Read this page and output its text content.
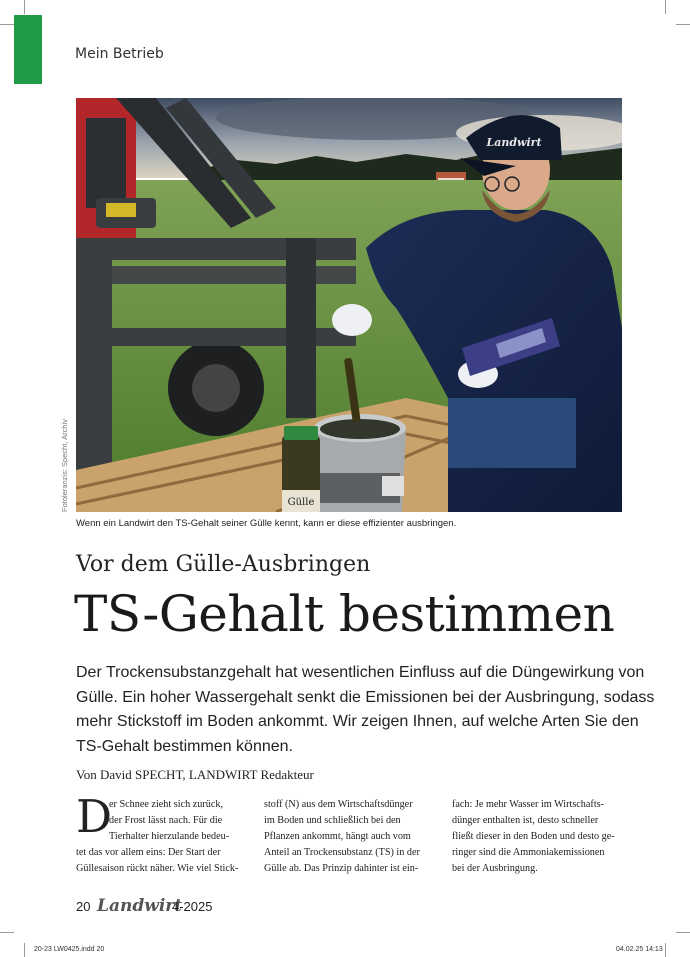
Mein Betrieb
Gülle
Landwirt
Fotoleranzis: Specht, Archiv
Wenn ein Landwirt den TS-Gehalt seiner Gülle kennt, kann er diese effizienter ausbringen.
Vor dem Gülle-Ausbringen
TS-Gehalt bestimmen
Der Trockensubstanzgehalt hat wesentlichen Einfluss auf die Düngewirkung von
Gülle. Ein hoher Wassergehalt senkt die Emissionen bei der Ausbringung, sodass
mehr Stickstoff im Boden ankommt. Wir zeigen Ihnen, auf welche Arten Sie den
TS-Gehalt bestimmen können.
Von David SPECHT, LANDWIRT Redakteur
D
er Schnee zieht sich zurück,
der Frost lässt nach. Für die
Tierhalter hierzulande bedeu-
tet das vor allem eins: Der Start der
Güllesaison rückt näher. Wie viel Stick-
stoff (N) aus dem Wirtschaftsdünger
im Boden und schließlich bei den
Pflanzen ankommt, hängt auch vom
Anteil an Trockensubstanz (TS) in der
Gülle ab. Das Prinzip dahinter ist ein-
fach: Je mehr Wasser im Wirtschafts-
dünger enthalten ist, desto schneller
fließt dieser in den Boden und desto ge-
ringer sind die Ammoniakemissionen
bei der Ausbringung.
20 Landwirt
4-2025
20-23 LW0425.indd 20	04.02.25 14:13
